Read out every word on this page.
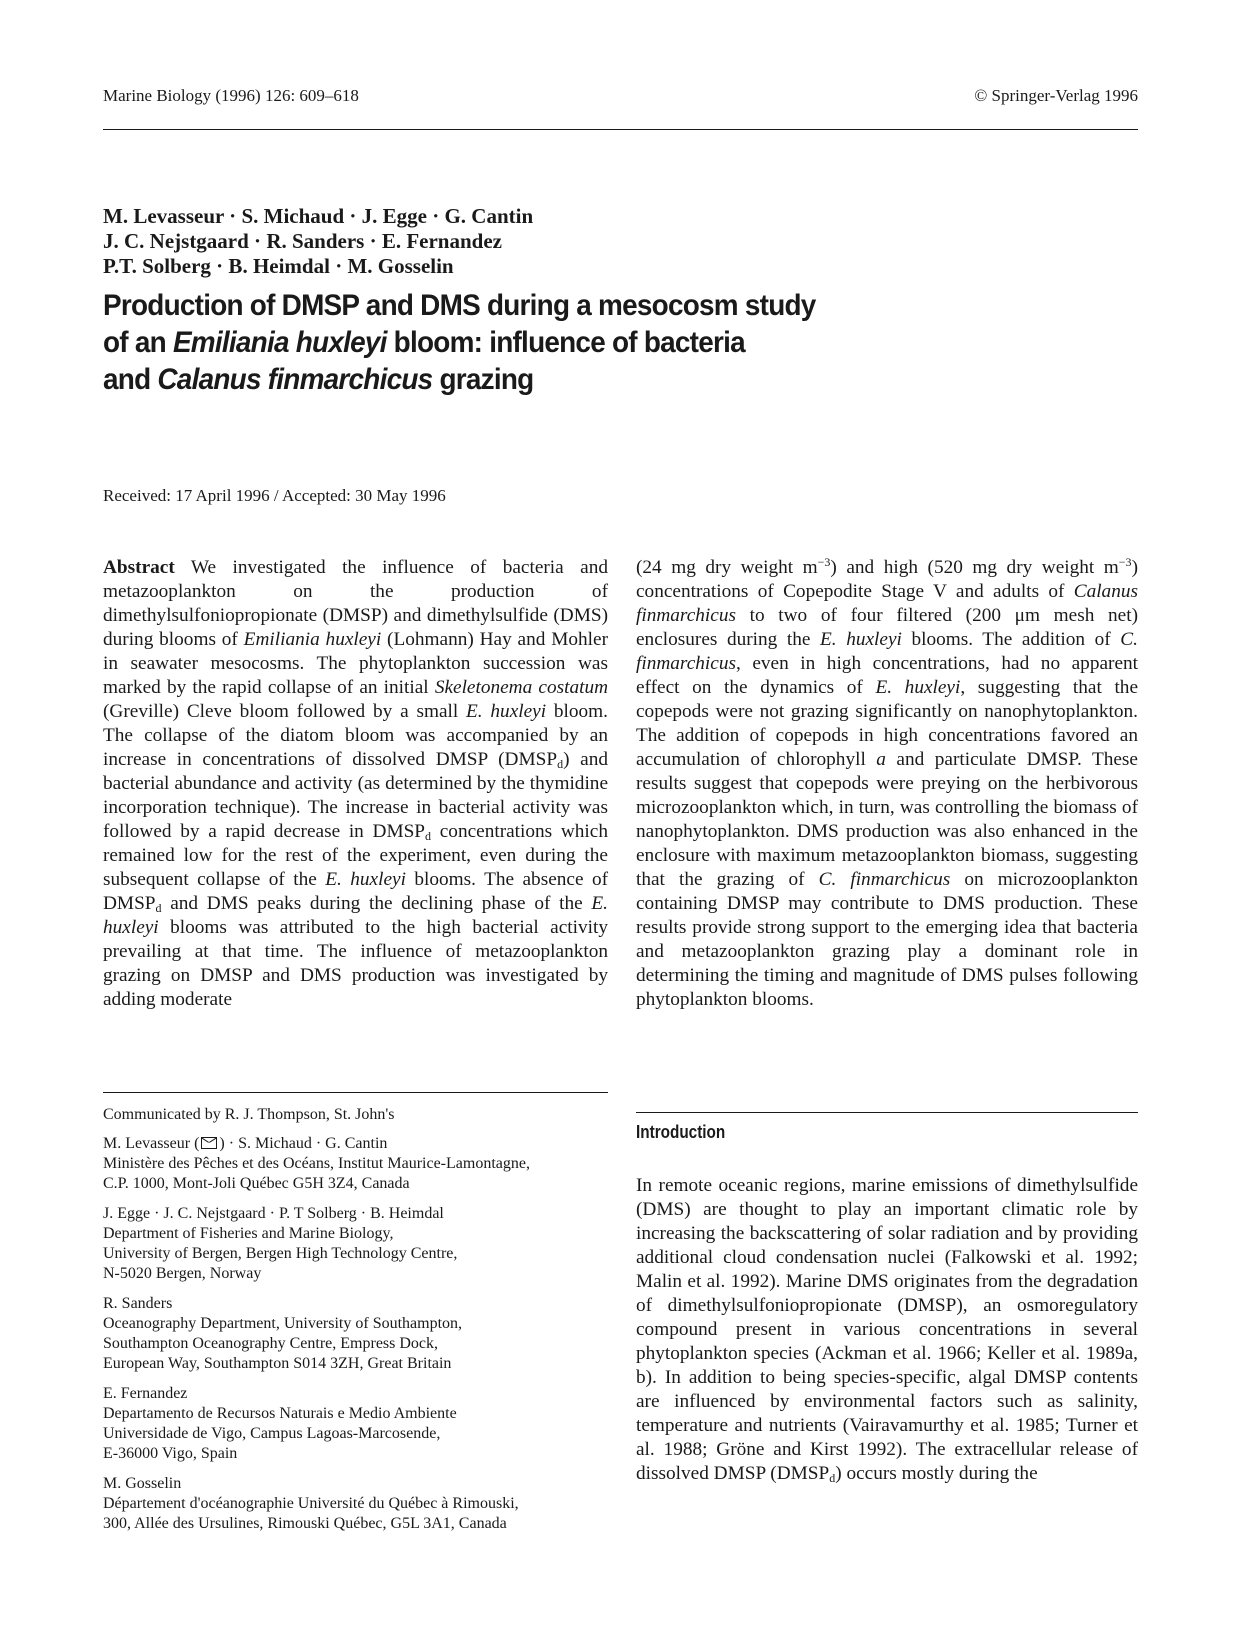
Marine Biology (1996) 126: 609–618	© Springer-Verlag 1996
M. Levasseur · S. Michaud · J. Egge · G. Cantin
J. C. Nejstgaard · R. Sanders · E. Fernandez
P.T. Solberg · B. Heimdal · M. Gosselin
Production of DMSP and DMS during a mesocosm study
of an Emiliania huxleyi bloom: influence of bacteria
and Calanus finmarchicus grazing
Received: 17 April 1996 / Accepted: 30 May 1996

Abstract We investigated the influence of bacteria and metazooplankton on the production of dimethylsulfoniopropionate (DMSP) and dimethylsulfide (DMS) during blooms of Emiliania huxleyi (Lohmann) Hay and Mohler in seawater mesocosms. The phytoplankton succession was marked by the rapid collapse of an initial Skeletonema costatum (Greville) Cleve bloom followed by a small E. huxleyi bloom. The collapse of the diatom bloom was accompanied by an increase in concentrations of dissolved DMSP $(DMSP_d)$ and bacterial abundance and activity (as determined by the thymidine incorporation technique). The increase in bacterial activity was followed by a rapid decrease in $DMSP_d$ concentrations which remained low for the rest of the experiment, even during the subsequent collapse of the E. huxleyi blooms. The absence of $DMSP_d$ and DMS peaks during the declining phase of the E. huxleyi blooms was attributed to the high bacterial activity prevailing at that time. The influence of metazooplankton grazing on DMSP and DMS production was investigated by adding moderate

(24 mg dry weight $m^{-3}$) and high (520 mg dry weight $m^{-3}$) concentrations of Copepodite Stage V and adults of Calanus finmarchicus to two of four filtered (200 μm mesh net) enclosures during the E. huxleyi blooms. The addition of C. finmarchicus, even in high concentrations, had no apparent effect on the dynamics of E. huxleyi, suggesting that the copepods were not grazing significantly on nanophytoplankton. The addition of copepods in high concentrations favored an accumulation of chlorophyll a and particulate DMSP. These results suggest that copepods were preying on the herbivorous microzooplankton which, in turn, was controlling the biomass of nanophytoplankton. DMS production was also enhanced in the enclosure with maximum metazooplankton biomass, suggesting that the grazing of C. finmarchicus on microzooplankton containing DMSP may contribute to DMS production. These results provide strong support to the emerging idea that bacteria and metazooplankton grazing play a dominant role in determining the timing and magnitude of DMS pulses following phytoplankton blooms.

Communicated by R. J. Thompson, St. John's
M. Levasseur ( ) · S. Michaud · G. Cantin
Ministère des Pêches et des Océans, Institut Maurice-Lamontagne,
C.P. 1000, Mont-Joli Québec G5H 3Z4, Canada
J. Egge · J. C. Nejstgaard · P. T Solberg · B. Heimdal
Department of Fisheries and Marine Biology,
University of Bergen, Bergen High Technology Centre,
N-5020 Bergen, Norway
R. Sanders
Oceanography Department, University of Southampton,
Southampton Oceanography Centre, Empress Dock,
European Way, Southampton S014 3ZH, Great Britain
E. Fernandez
Departamento de Recursos Naturais e Medio Ambiente
Universidade de Vigo, Campus Lagoas-Marcosende,
E-36000 Vigo, Spain
M. Gosselin
Département d'océanographie Université du Québec à Rimouski,
300, Allée des Ursulines, Rimouski Québec, G5L 3A1, Canada
Introduction

In remote oceanic regions, marine emissions of dimethylsulfide (DMS) are thought to play an important climatic role by increasing the backscattering of solar radiation and by providing additional cloud condensation nuclei (Falkowski et al. 1992; Malin et al. 1992). Marine DMS originates from the degradation of dimethylsulfoniopropionate (DMSP), an osmoregulatory compound present in various concentrations in several phytoplankton species (Ackman et al. 1966; Keller et al. 1989a, b). In addition to being species-specific, algal DMSP contents are influenced by environmental factors such as salinity, temperature and nutrients (Vairavamurthy et al. 1985; Turner et al. 1988; Gröne and Kirst 1992). The extracellular release of dissolved DMSP $(DMSP_d)$ occurs mostly during the
